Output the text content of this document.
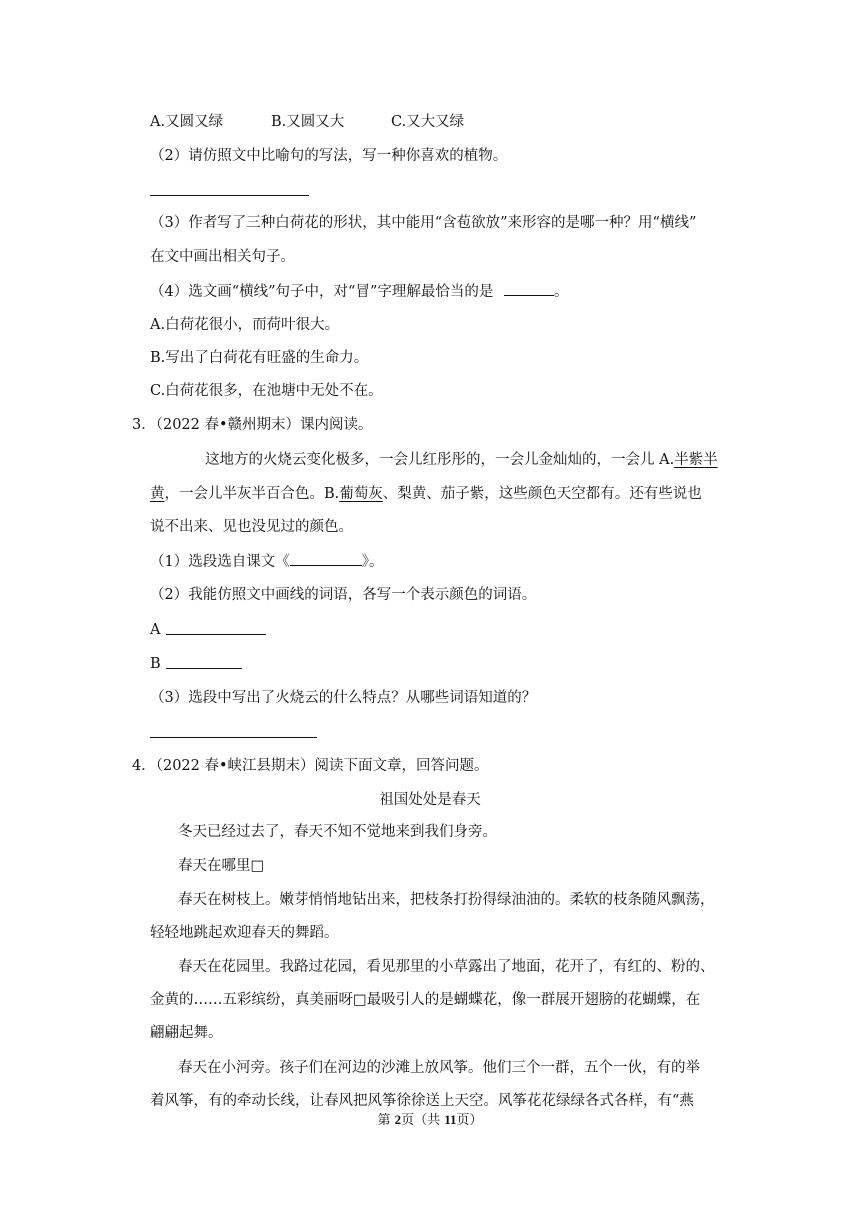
A.又圆又绿	B.又圆又大	C.又大又绿
（2）请仿照文中比喻句的写法，写一种你喜欢的植物。
（3）作者写了三种白荷花的形状，其中能用“含苞欲放”来形容的是哪一种？用“横线”
在文中画出相关句子。
（4）选文画“横线”句子中，对“冒”字理解最恰当的是	。
A.白荷花很小，而荷叶很大。
B.写出了白荷花有旺盛的生命力。
C.白荷花很多，在池塘中无处不在。
3．（2022 春•赣州期末）课内阅读。
这地方的火烧云变化极多，一会儿红彤彤的，一会儿金灿灿的，一会儿 A.半紫半
黄，一会儿半灰半百合色。B.葡萄灰、梨黄、茄子紫，这些颜色天空都有。还有些说也
说不出来、见也没见过的颜色。
（1）选段选自课文《	》。
（2）我能仿照文中画线的词语，各写一个表示颜色的词语。
A
B
（3）选段中写出了火烧云的什么特点？从哪些词语知道的？
4．（2022 春•峡江县期末）阅读下面文章，回答问题。
祖国处处是春天
冬天已经过去了，春天不知不觉地来到我们身旁。
春天在哪里□
春天在树枝上。嫩芽悄悄地钻出来，把枝条打扮得绿油油的。柔软的枝条随风飘荡，
轻轻地跳起欢迎春天的舞蹈。
春天在花园里。我路过花园，看见那里的小草露出了地面，花开了，有红的、粉的、
金黄的……五彩缤纷，真美丽呀□最吸引人的是蝴蝶花，像一群展开翅膀的花蝴蝶，在
翩翩起舞。
春天在小河旁。孩子们在河边的沙滩上放风筝。他们三个一群，五个一伙，有的举
着风筝，有的牵动长线，让春风把风筝徐徐送上天空。风筝花花绿绿各式各样，有“燕
第 2页（共 11页）
